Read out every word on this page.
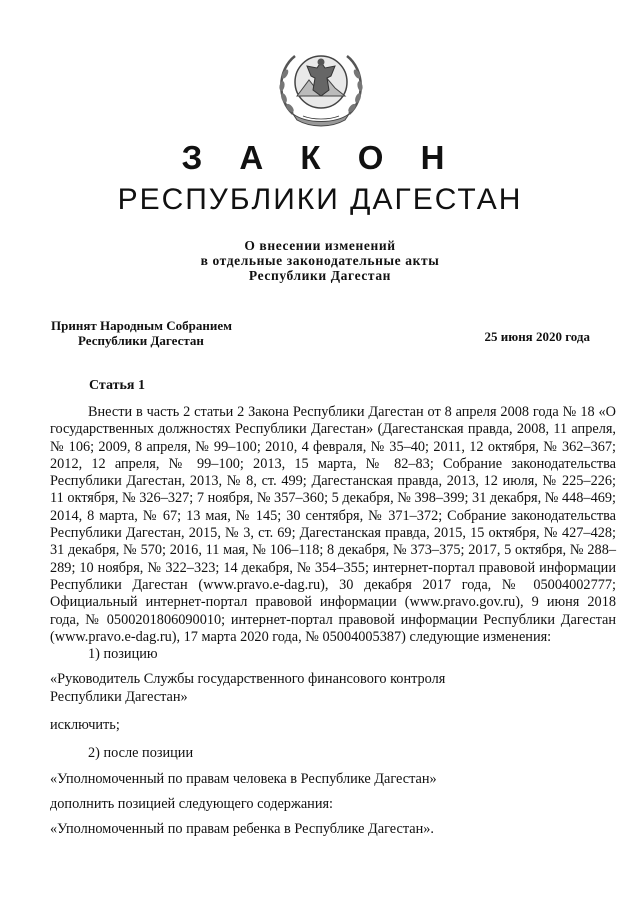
З А К О Н
РЕСПУБЛИКИ ДАГЕСТАН
О внесении изменений
в отдельные законодательные акты
Республики Дагестан
Принят Народным Собранием
Республики Дагестан	25 июня 2020 года
Статья 1

Внести в часть 2 статьи 2 Закона Республики Дагестан от 8 апреля 2008 года № 18 «О государственных должностях Республики Дагестан» (Дагестанская правда, 2008, 11 апреля, № 106; 2009, 8 апреля, № 99–100; 2010, 4 февраля, № 35–40; 2011, 12 октября, № 362–367; 2012, 12 апреля, № 99–100; 2013, 15 марта, № 82–83; Собрание законодательства Республики Дагестан, 2013, № 8, ст. 499; Дагестанская правда, 2013, 12 июля, № 225–226; 11 октября, № 326–327; 7 ноября, № 357–360; 5 декабря, № 398–399; 31 декабря, № 448–469; 2014, 8 марта, № 67; 13 мая, № 145; 30 сентября, № 371–372; Собрание законодательства Республики Дагестан, 2015, № 3, ст. 69; Дагестанская правда, 2015, 15 октября, № 427–428; 31 декабря, № 570; 2016, 11 мая, № 106–118; 8 декабря, № 373–375; 2017, 5 октября, № 288–289; 10 ноября, № 322–323; 14 декабря, № 354–355; интернет-портал правовой информации Республики Дагестан (www.pravo.e-dag.ru), 30 декабря 2017 года, № 05004002777; Официальный интернет-портал правовой информации (www.pravo.gov.ru), 9 июня 2018 года, № 0500201806090010; интернет-портал правовой информации Республики Дагестан (www.pravo.e-dag.ru), 17 марта 2020 года, № 05004005387) следующие изменения:

1) позицию

«Руководитель Службы государственного финансового контроля
Республики Дагестан»

исключить;

2) после позиции

«Уполномоченный по правам человека в Республике Дагестан»

дополнить позицией следующего содержания:

«Уполномоченный по правам ребенка в Республике Дагестан».
